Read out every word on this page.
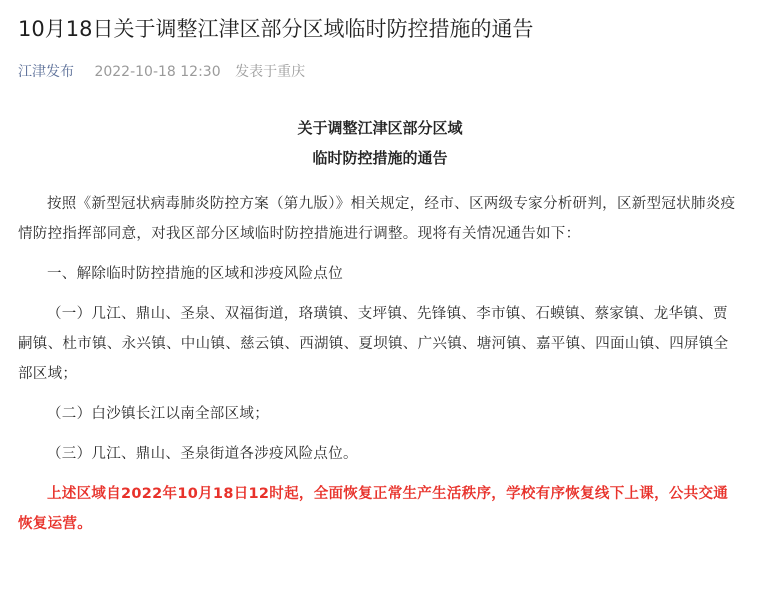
10月18日关于调整江津区部分区域临时防控措施的通告
江津发布 2022-10-18 12:30 发表于重庆
关于调整江津区部分区域
临时防控措施的通告

按照《新型冠状病毒肺炎防控方案（第九版）》相关规定，经市、区两级专家分析研判，区新型冠状肺炎疫情防控指挥部同意，对我区部分区域临时防控措施进行调整。现将有关情况通告如下：

一、解除临时防控措施的区域和涉疫风险点位

（一）几江、鼎山、圣泉、双福街道，珞璜镇、支坪镇、先锋镇、李市镇、石蟆镇、蔡家镇、龙华镇、贾嗣镇、杜市镇、永兴镇、中山镇、慈云镇、西湖镇、夏坝镇、广兴镇、塘河镇、嘉平镇、四面山镇、四屏镇全部区域；

（二）白沙镇长江以南全部区域；

（三）几江、鼎山、圣泉街道各涉疫风险点位。

上述区域自2022年10月18日12时起，全面恢复正常生产生活秩序，学校有序恢复线下上课，公共交通恢复运营。
